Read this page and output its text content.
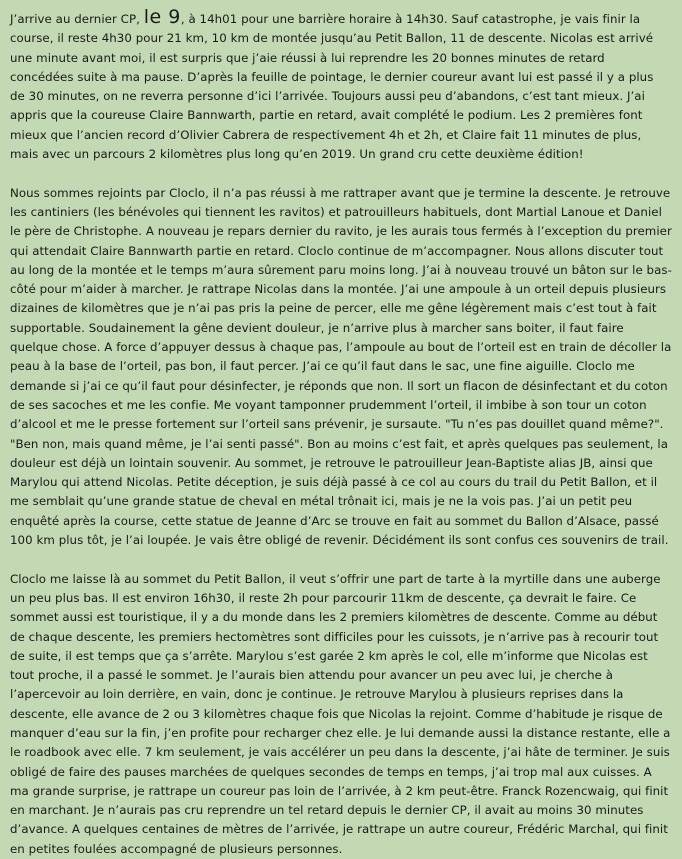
J’arrive au dernier CP, le 9, à 14h01 pour une barrière horaire à 14h30. Sauf catastrophe, je vais finir la course, il reste 4h30 pour 21 km, 10 km de montée jusqu’au Petit Ballon, 11 de descente. Nicolas est arrivé une minute avant moi, il est surpris que j’aie réussi à lui reprendre les 20 bonnes minutes de retard concédées suite à ma pause. D’après la feuille de pointage, le dernier coureur avant lui est passé il y a plus de 30 minutes, on ne reverra personne d’ici l’arrivée. Toujours aussi peu d’abandons, c’est tant mieux. J’ai appris que la coureuse Claire Bannwarth, partie en retard, avait complété le podium. Les 2 premières font mieux que l’ancien record d’Olivier Cabrera de respectivement 4h et 2h, et Claire fait 11 minutes de plus, mais avec un parcours 2 kilomètres plus long qu’en 2019. Un grand cru cette deuxième édition!

Nous sommes rejoints par Cloclo, il n’a pas réussi à me rattraper avant que je termine la descente. Je retrouve les cantiniers (les bénévoles qui tiennent les ravitos) et patrouilleurs habituels, dont Martial Lanoue et Daniel le père de Christophe. A nouveau je repars dernier du ravito, je les aurais tous fermés à l’exception du premier qui attendait Claire Bannwarth partie en retard. Cloclo continue de m’accompagner. Nous allons discuter tout au long de la montée et le temps m’aura sûrement paru moins long. J’ai à nouveau trouvé un bâton sur le bas-côté pour m’aider à marcher. Je rattrape Nicolas dans la montée. J’ai une ampoule à un orteil depuis plusieurs dizaines de kilomètres que je n’ai pas pris la peine de percer, elle me gêne légèrement mais c’est tout à fait supportable. Soudainement la gêne devient douleur, je n’arrive plus à marcher sans boiter, il faut faire quelque chose. A force d’appuyer dessus à chaque pas, l’ampoule au bout de l’orteil est en train de décoller la peau à la base de l’orteil, pas bon, il faut percer. J’ai ce qu’il faut dans le sac, une fine aiguille. Cloclo me demande si j’ai ce qu’il faut pour désinfecter, je réponds que non. Il sort un flacon de désinfectant et du coton de ses sacoches et me les confie. Me voyant tamponner prudemment l’orteil, il imbibe à son tour un coton d’alcool et me le presse fortement sur l’orteil sans prévenir, je sursaute. "Tu n’es pas douillet quand même?". "Ben non, mais quand même, je l’ai senti passé". Bon au moins c’est fait, et après quelques pas seulement, la douleur est déjà un lointain souvenir. Au sommet, je retrouve le patrouilleur Jean-Baptiste alias JB, ainsi que Marylou qui attend Nicolas. Petite déception, je suis déjà passé à ce col au cours du trail du Petit Ballon, et il me semblait qu’une grande statue de cheval en métal trônait ici, mais je ne la vois pas. J’ai un petit peu enquêté après la course, cette statue de Jeanne d’Arc se trouve en fait au sommet du Ballon d’Alsace, passé 100 km plus tôt, je l’ai loupée. Je vais être obligé de revenir. Décidément ils sont confus ces souvenirs de trail.

Cloclo me laisse là au sommet du Petit Ballon, il veut s’offrir une part de tarte à la myrtille dans une auberge un peu plus bas. Il est environ 16h30, il reste 2h pour parcourir 11km de descente, ça devrait le faire. Ce sommet aussi est touristique, il y a du monde dans les 2 premiers kilomètres de descente. Comme au début de chaque descente, les premiers hectomètres sont difficiles pour les cuissots, je n’arrive pas à recourir tout de suite, il est temps que ça s’arrête. Marylou s’est garée 2 km après le col, elle m’informe que Nicolas est tout proche, il a passé le sommet. Je l’aurais bien attendu pour avancer un peu avec lui, je cherche à l’apercevoir au loin derrière, en vain, donc je continue. Je retrouve Marylou à plusieurs reprises dans la descente, elle avance de 2 ou 3 kilomètres chaque fois que Nicolas la rejoint. Comme d’habitude je risque de manquer d’eau sur la fin, j’en profite pour recharger chez elle. Je lui demande aussi la distance restante, elle a le roadbook avec elle. 7 km seulement, je vais accélérer un peu dans la descente, j’ai hâte de terminer. Je suis obligé de faire des pauses marchées de quelques secondes de temps en temps, j’ai trop mal aux cuisses. A ma grande surprise, je rattrape un coureur pas loin de l’arrivée, à 2 km peut-être. Franck Rozencwaig, qui finit en marchant. Je n’aurais pas cru reprendre un tel retard depuis le dernier CP, il avait au moins 30 minutes d’avance. A quelques centaines de mètres de l’arrivée, je rattrape un autre coureur, Frédéric Marchal, qui finit en petites foulées accompagné de plusieurs personnes.
